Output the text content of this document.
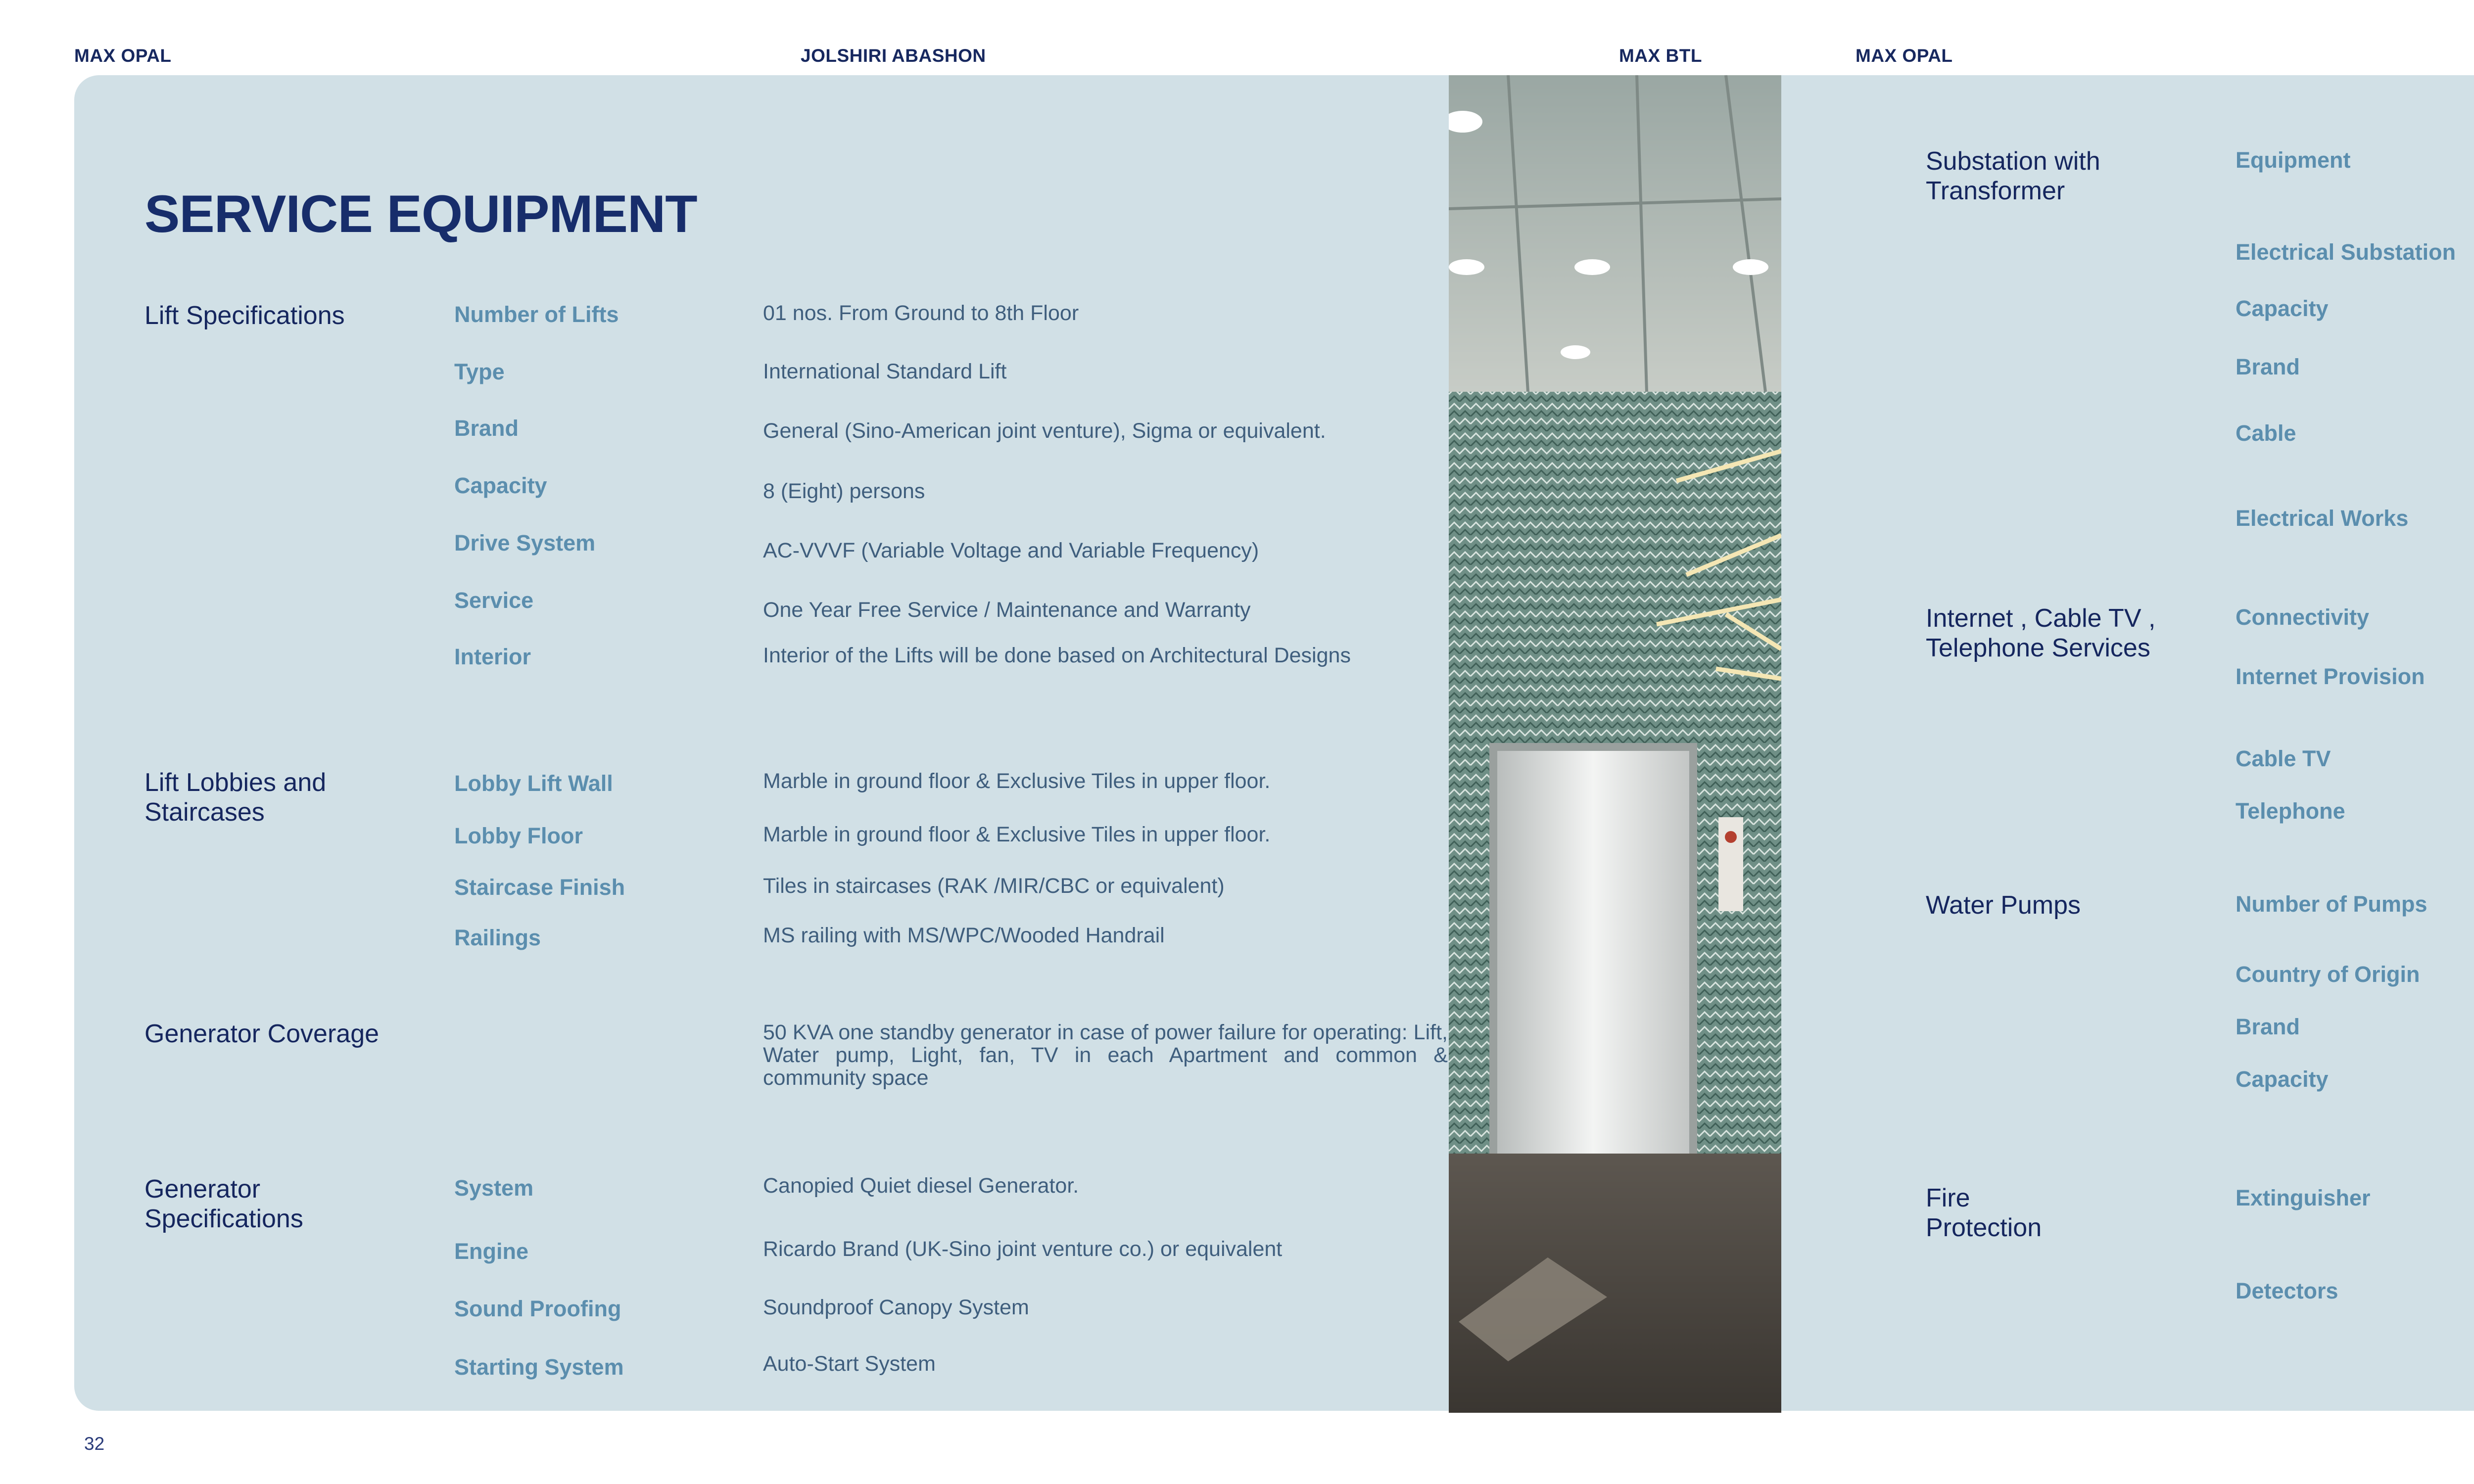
MAX OPAL	JOLSHIRI ABASHON	MAX BTL	MAX OPAL
SERVICE EQUIPMENT
Lift Specifications	Number of Lifts	01 nos. From Ground to 8th Floor
Type	International Standard Lift
Brand	General (Sino-American joint venture), Sigma or equivalent.
Capacity	8 (Eight) persons
Drive System	AC-VVVF (Variable Voltage and Variable Frequency)
Service	One Year Free Service / Maintenance and Warranty
Interior	Interior of the Lifts will be done based on Architectural Designs
Lift Lobbies and Staircases
Lobby Lift Wall	Marble in ground floor & Exclusive Tiles in upper floor.
Lobby Floor	Marble in ground floor & Exclusive Tiles in upper floor.
Staircase Finish	Tiles in staircases (RAK /MIR/CBC or equivalent)
Railings	MS railing with MS/WPC/Wooded Handrail
Generator Coverage	50 KVA one standby generator in case of power failure for operating: Lift, Water pump, Light, fan, TV in each Apartment and common & community space
Generator Specifications
System	Canopied Quiet diesel Generator.
Engine	Ricardo Brand (UK-Sino joint venture co.) or equivalent
Sound Proofing	Soundproof Canopy System
Starting System	Auto-Start System
Substation with Transformer
Equipment
Electrical Substation
Capacity
Brand
Cable
Electrical Works
Internet , Cable TV , Telephone Services
Connectivity
Internet Provision
Cable TV
Telephone
Water Pumps	Number of Pumps
Country of Origin
Brand
Capacity
Fire Protection
Extinguisher
Detectors
32
